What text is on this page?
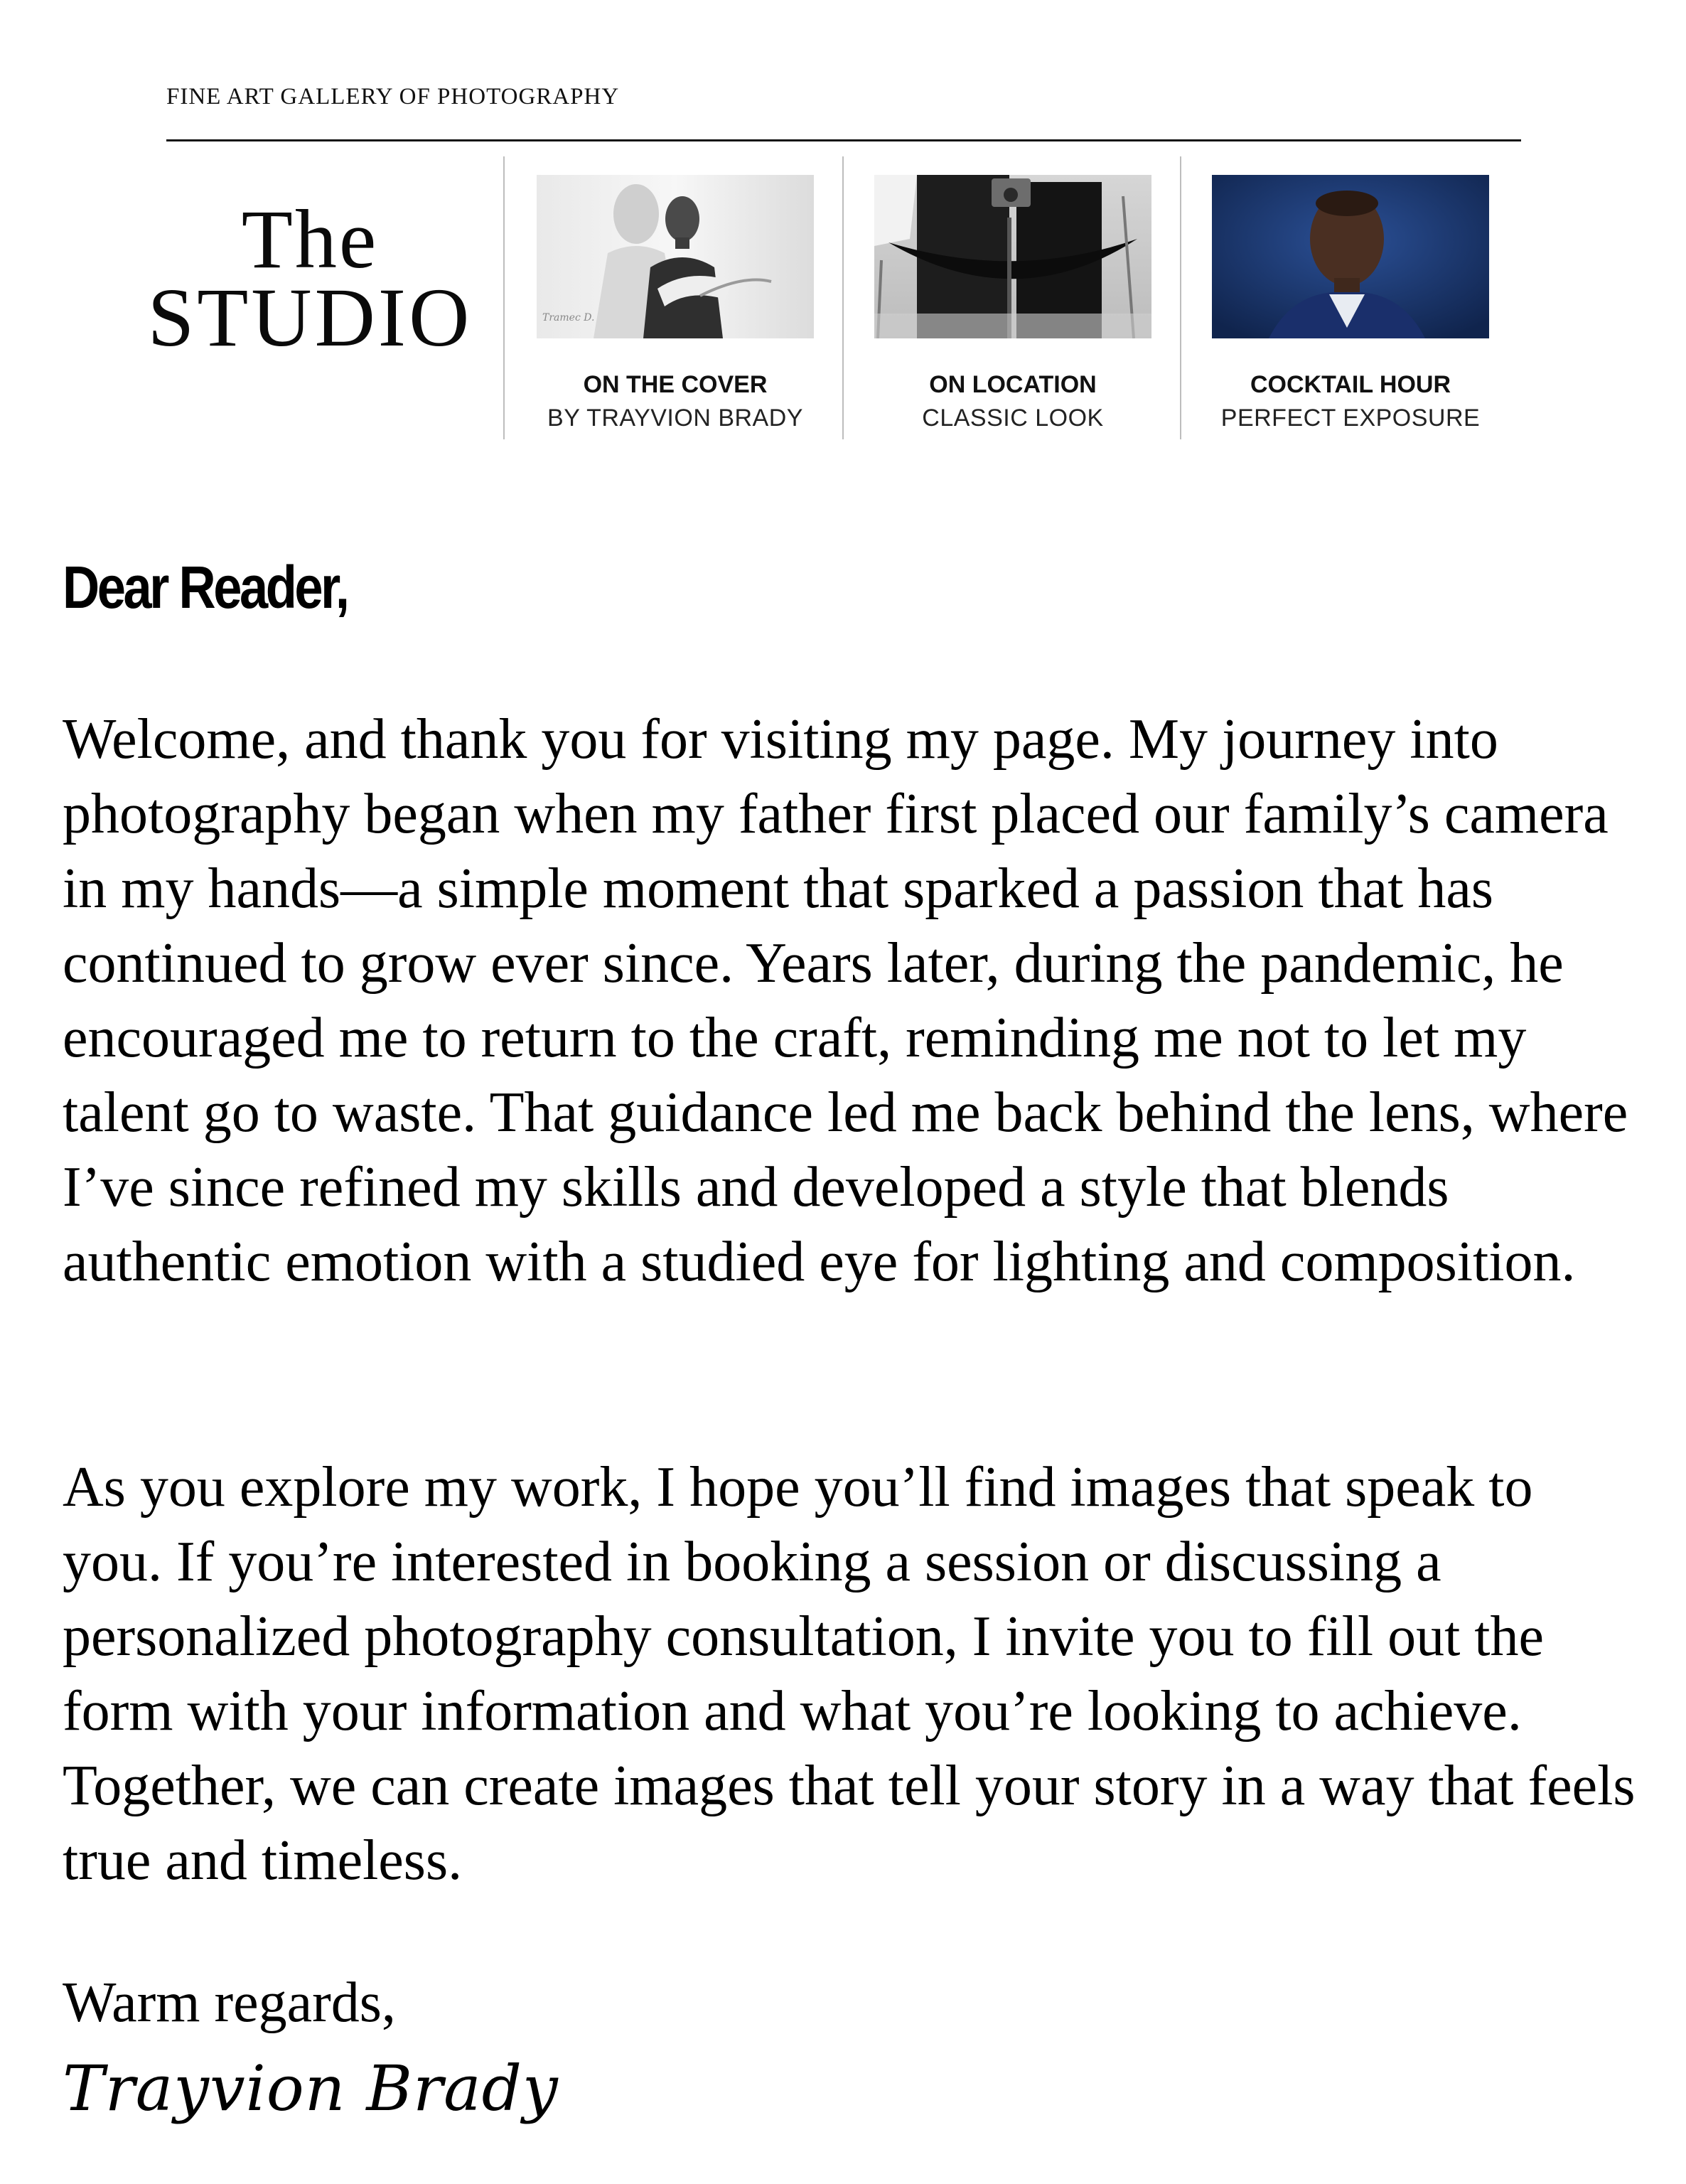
FINE ART GALLERY OF PHOTOGRAPHY
The
STUDIO	Trameс D.
ON THE COVER
BY TRAYVION BRADY
ON LOCATION
CLASSIC LOOK
COCKTAIL HOUR
PERFECT EXPOSURE
Dear Reader,

Welcome, and thank you for visiting my page. My journey into photography began when my father first placed our family’s camera in my hands—a simple moment that sparked a passion that has continued to grow ever since. Years later, during the pandemic, he encouraged me to return to the craft, reminding me not to let my talent go to waste. That guidance led me back behind the lens, where I’ve since refined my skills and developed a style that blends authentic emotion with a studied eye for lighting and composition.

As you explore my work, I hope you’ll find images that speak to you. If you’re interested in booking a session or discussing a personalized photography consultation, I invite you to fill out the form with your information and what you’re looking to achieve. Together, we can create images that tell your story in a way that feels true and timeless.

Warm regards,
Trayvion Brady
